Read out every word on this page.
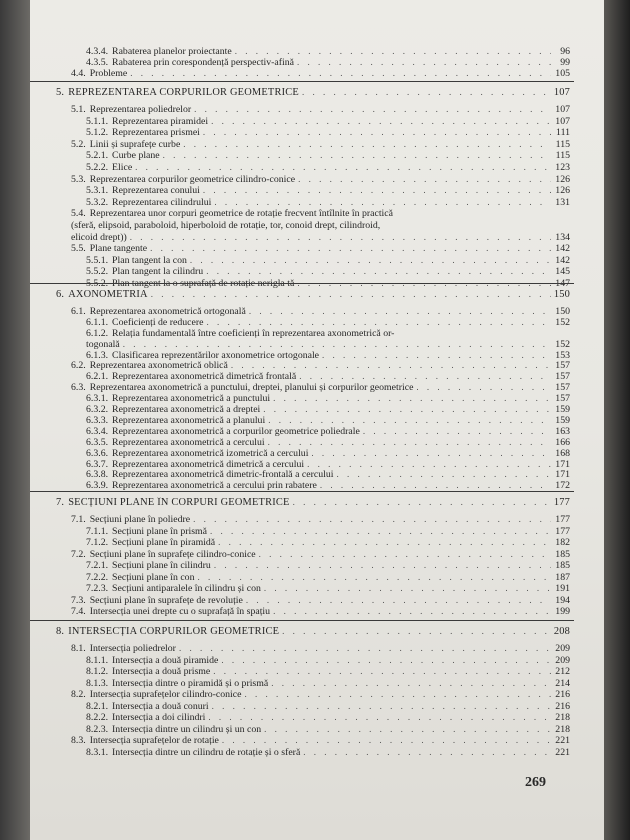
4.3.4. Rabaterea planelor proiectante . . .	96
4.3.5. Rabaterea prin corespondență perspectiv-afină . . .	99
4.4. Probleme . . .	105
5. REPREZENTAREA CORPURILOR GEOMETRICE . . .	107
5.1. Reprezentarea poliedrelor . . .	107
5.1.1. Reprezentarea piramidei . . .	107
5.1.2. Reprezentarea prismei . . .	111
5.2. Linii și suprafețe curbe . . .	115
5.2.1. Curbe plane . . .	115
5.2.2. Elice . . .	123
5.3. Reprezentarea corpurilor geometrice cilindro-conice . . .	126
5.3.1. Reprezentarea conului . . .	126
5.3.2. Reprezentarea cilindrului . . .	131
5.4. Reprezentarea unor corpuri geometrice de rotație frecvent întîlnite în practică
(sferă, elipsoid, paraboloid, hiperboloid de rotație, tor, conoid drept, cilindroid,
elicoid drept)) . . .	134
5.5. Plane tangente . . .	142
5.5.1. Plan tangent la con . . .	142
5.5.2. Plan tangent la cilindru . . .	145
5.5.2. Plan tangent la o suprafață de rotație nerigla tă . . .	147
6. AXONOMETRIA . . .	150
6.1. Reprezentarea axonometrică ortogonală . . .	150
6.1.1. Coeficienți de reducere . . .	152
6.1.2. Relația fundamentală între coeficienți în reprezentarea axonometrică or-
togonală . . .	152
6.1.3. Clasificarea reprezentărilor axonometrice ortogonale . . .	153
6.2. Reprezentarea axonometrică oblică . . .	157
6.2.1. Reprezentarea axonometrică dimetrică frontală . . .	157
6.3. Reprezentarea axonometrică a punctului, dreptei, planului și corpurilor geometrice . . .	157
6.3.1. Reprezentarea axonometrică a punctului . . .	157
6.3.2. Reprezentarea axonometrică a dreptei . . .	159
6.3.3. Reprezentarea axonometrică a planului . . .	159
6.3.4. Reprezentarea axonometrică a corpurilor geometrice poliedrale . . .	163
6.3.5. Reprezentarea axonometrică a cercului . . .	166
6.3.6. Reprezentarea axonometrică izometrică a cercului . . .	168
6.3.7. Reprezentarea axonometrică dimetrică a cercului . . .	171
6.3.8. Reprezentarea axonometrică dimetric-frontală a cercului . . .	171
6.3.9. Reprezentarea axonometrică a cercului prin rabatere . . .	172
7. SECȚIUNI PLANE ÎN CORPURI GEOMETRICE . . .	177
7.1. Secțiuni plane în poliedre . . .	177
7.1.1. Secțiuni plane în prismă . . .	177
7.1.2. Secțiuni plane în piramidă . . .	182
7.2. Secțiuni plane în suprafețe cilindro-conice . . .	185
7.2.1. Secțiuni plane în cilindru . . .	185
7.2.2. Secțiuni plane în con . . .	187
7.2.3. Secțiuni antiparalele în cilindru și con . . .	191
7.3. Secțiuni plane în suprafețe de revoluție . . .	194
7.4. Intersecția unei drepte cu o suprafață în spațiu . . .	199
8. INTERSECȚIA CORPURILOR GEOMETRICE . . .	208
8.1. Intersecția poliedrelor . . .	209
8.1.1. Intersecția a două piramide . . .	209
8.1.2. Intersecția a două prisme . . .	212
8.1.3. Intersecția dintre o piramidă și o prismă . . .	214
8.2. Intersecția suprafețelor cilindro-conice . . .	216
8.2.1. Intersecția a două conuri . . .	216
8.2.2. Intersecția a doi cilindri . . .	218
8.2.3. Intersecția dintre un cilindru și un con . . .	218
8.3. Intersecția suprafețelor de rotație . . .	221
8.3.1. Intersecția dintre un cilindru de rotație și o sferă . . .	221
269
